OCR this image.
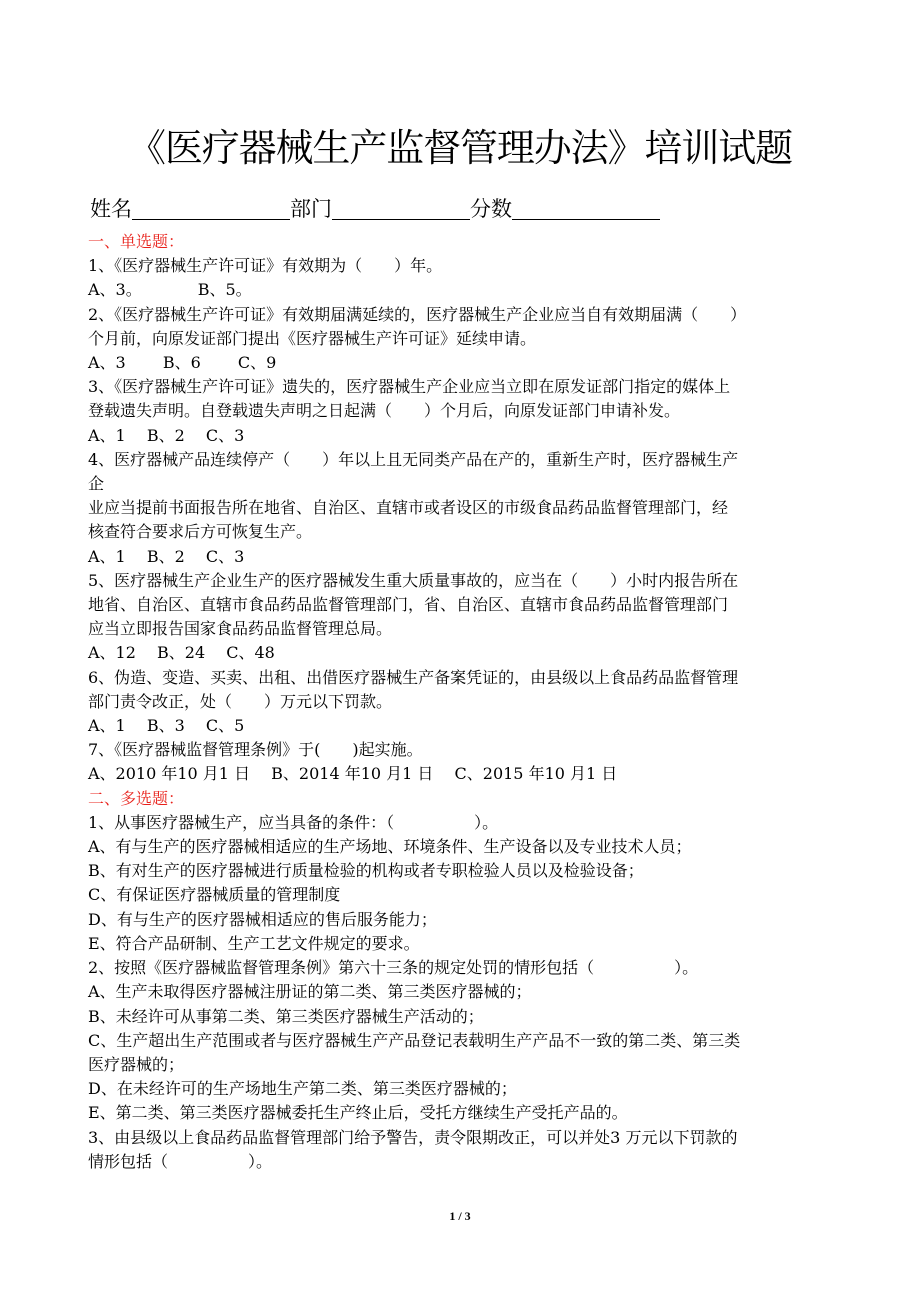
《医疗器械生产监督管理办法》培训试题
姓名	部门	分数
一、单选题：
1、《医疗器械生产许可证》有效期为（　　）年。
A、3。　　　　B、5。
2、《医疗器械生产许可证》有效期届满延续的，医疗器械生产企业应当自有效期届满（　　）
个月前，向原发证部门提出《医疗器械生产许可证》延续申请。
A、3　　 B、6　　 C、9
3、《医疗器械生产许可证》遗失的，医疗器械生产企业应当立即在原发证部门指定的媒体上
登载遗失声明。自登载遗失声明之日起满（　　）个月后，向原发证部门申请补发。
A、1　 B、2　 C、3
4、医疗器械产品连续停产（　　）年以上且无同类产品在产的，重新生产时，医疗器械生产
企
业应当提前书面报告所在地省、自治区、直辖市或者设区的市级食品药品监督管理部门，经
核查符合要求后方可恢复生产。
A、1　 B、2　 C、3
5、医疗器械生产企业生产的医疗器械发生重大质量事故的，应当在（　　）小时内报告所在
地省、自治区、直辖市食品药品监督管理部门，省、自治区、直辖市食品药品监督管理部门
应当立即报告国家食品药品监督管理总局。
A、12　 B、24　 C、48
6、伪造、变造、买卖、出租、出借医疗器械生产备案凭证的，由县级以上食品药品监督管理
部门责令改正，处（　　）万元以下罚款。
A、1　 B、3　 C、5
7、《医疗器械监督管理条例》于(　　)起实施。
A、2010 年10 月1 日　 B、2014 年10 月1 日　 C、2015 年10 月1 日
二、多选题：
1、从事医疗器械生产，应当具备的条件：（　　　　　）。
A、有与生产的医疗器械相适应的生产场地、环境条件、生产设备以及专业技术人员；
B、有对生产的医疗器械进行质量检验的机构或者专职检验人员以及检验设备；
C、有保证医疗器械质量的管理制度
D、有与生产的医疗器械相适应的售后服务能力；
E、符合产品研制、生产工艺文件规定的要求。
2、按照《医疗器械监督管理条例》第六十三条的规定处罚的情形包括（　　　　　）。
A、生产未取得医疗器械注册证的第二类、第三类医疗器械的；
B、未经许可从事第二类、第三类医疗器械生产活动的；
C、生产超出生产范围或者与医疗器械生产产品登记表载明生产产品不一致的第二类、第三类
医疗器械的；
D、在未经许可的生产场地生产第二类、第三类医疗器械的；
E、第二类、第三类医疗器械委托生产终止后，受托方继续生产受托产品的。
3、由县级以上食品药品监督管理部门给予警告，责令限期改正，可以并处3 万元以下罚款的
情形包括（　　　　　）。
1 / 3
